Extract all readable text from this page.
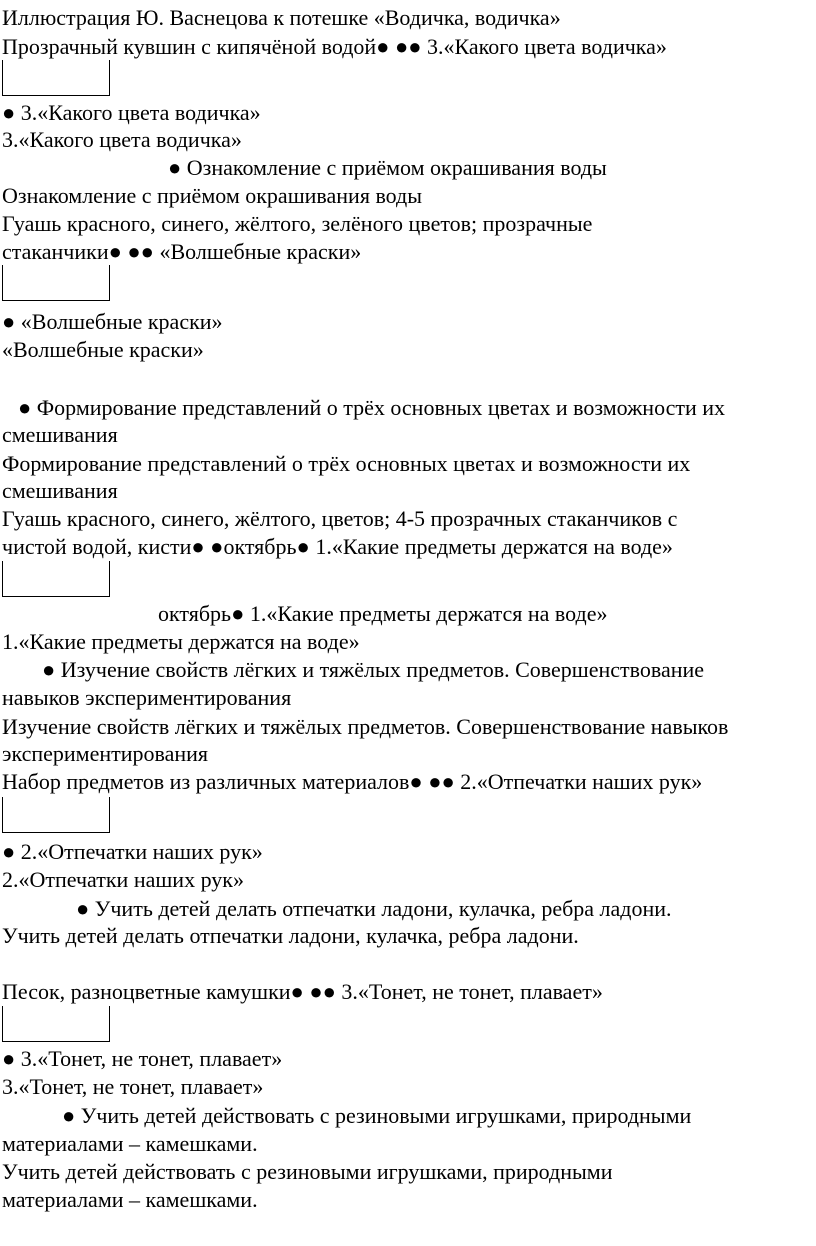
Иллюстрация Ю. Васнецова к потешке «Водичка, водичка»
Прозрачный кувшин с кипячёной водой● ●● 3.«Какого цвета водичка»
● 3.«Какого цвета водичка»
3.«Какого цвета водичка»
● Ознакомление с приёмом окрашивания воды
Ознакомление с приёмом окрашивания воды
Гуашь красного, синего, жёлтого, зелёного цветов; прозрачные
стаканчики● ●● «Волшебные краски»
● «Волшебные краски»
«Волшебные краски»
● Формирование представлений о трёх основных цветах и возможности их
смешивания
Формирование представлений о трёх основных цветах и возможности их
смешивания
Гуашь красного, синего, жёлтого, цветов; 4-5 прозрачных стаканчиков с
чистой водой, кисти● ●октябрь● 1.«Какие предметы держатся на воде»
октябрь● 1.«Какие предметы держатся на воде»
1.«Какие предметы держатся на воде»
● Изучение свойств лёгких и тяжёлых предметов. Совершенствование
навыков экспериментирования
Изучение свойств лёгких и тяжёлых предметов. Совершенствование навыков
экспериментирования
Набор предметов из различных материалов● ●● 2.«Отпечатки наших рук»
● 2.«Отпечатки наших рук»
2.«Отпечатки наших рук»
● Учить детей делать отпечатки ладони, кулачка, ребра ладони.
Учить детей делать отпечатки ладони, кулачка, ребра ладони.
Песок, разноцветные камушки● ●● 3.«Тонет, не тонет, плавает»
● 3.«Тонет, не тонет, плавает»
3.«Тонет, не тонет, плавает»
● Учить детей действовать с резиновыми игрушками, природными
материалами – камешками.
Учить детей действовать с резиновыми игрушками, природными
материалами – камешками.
